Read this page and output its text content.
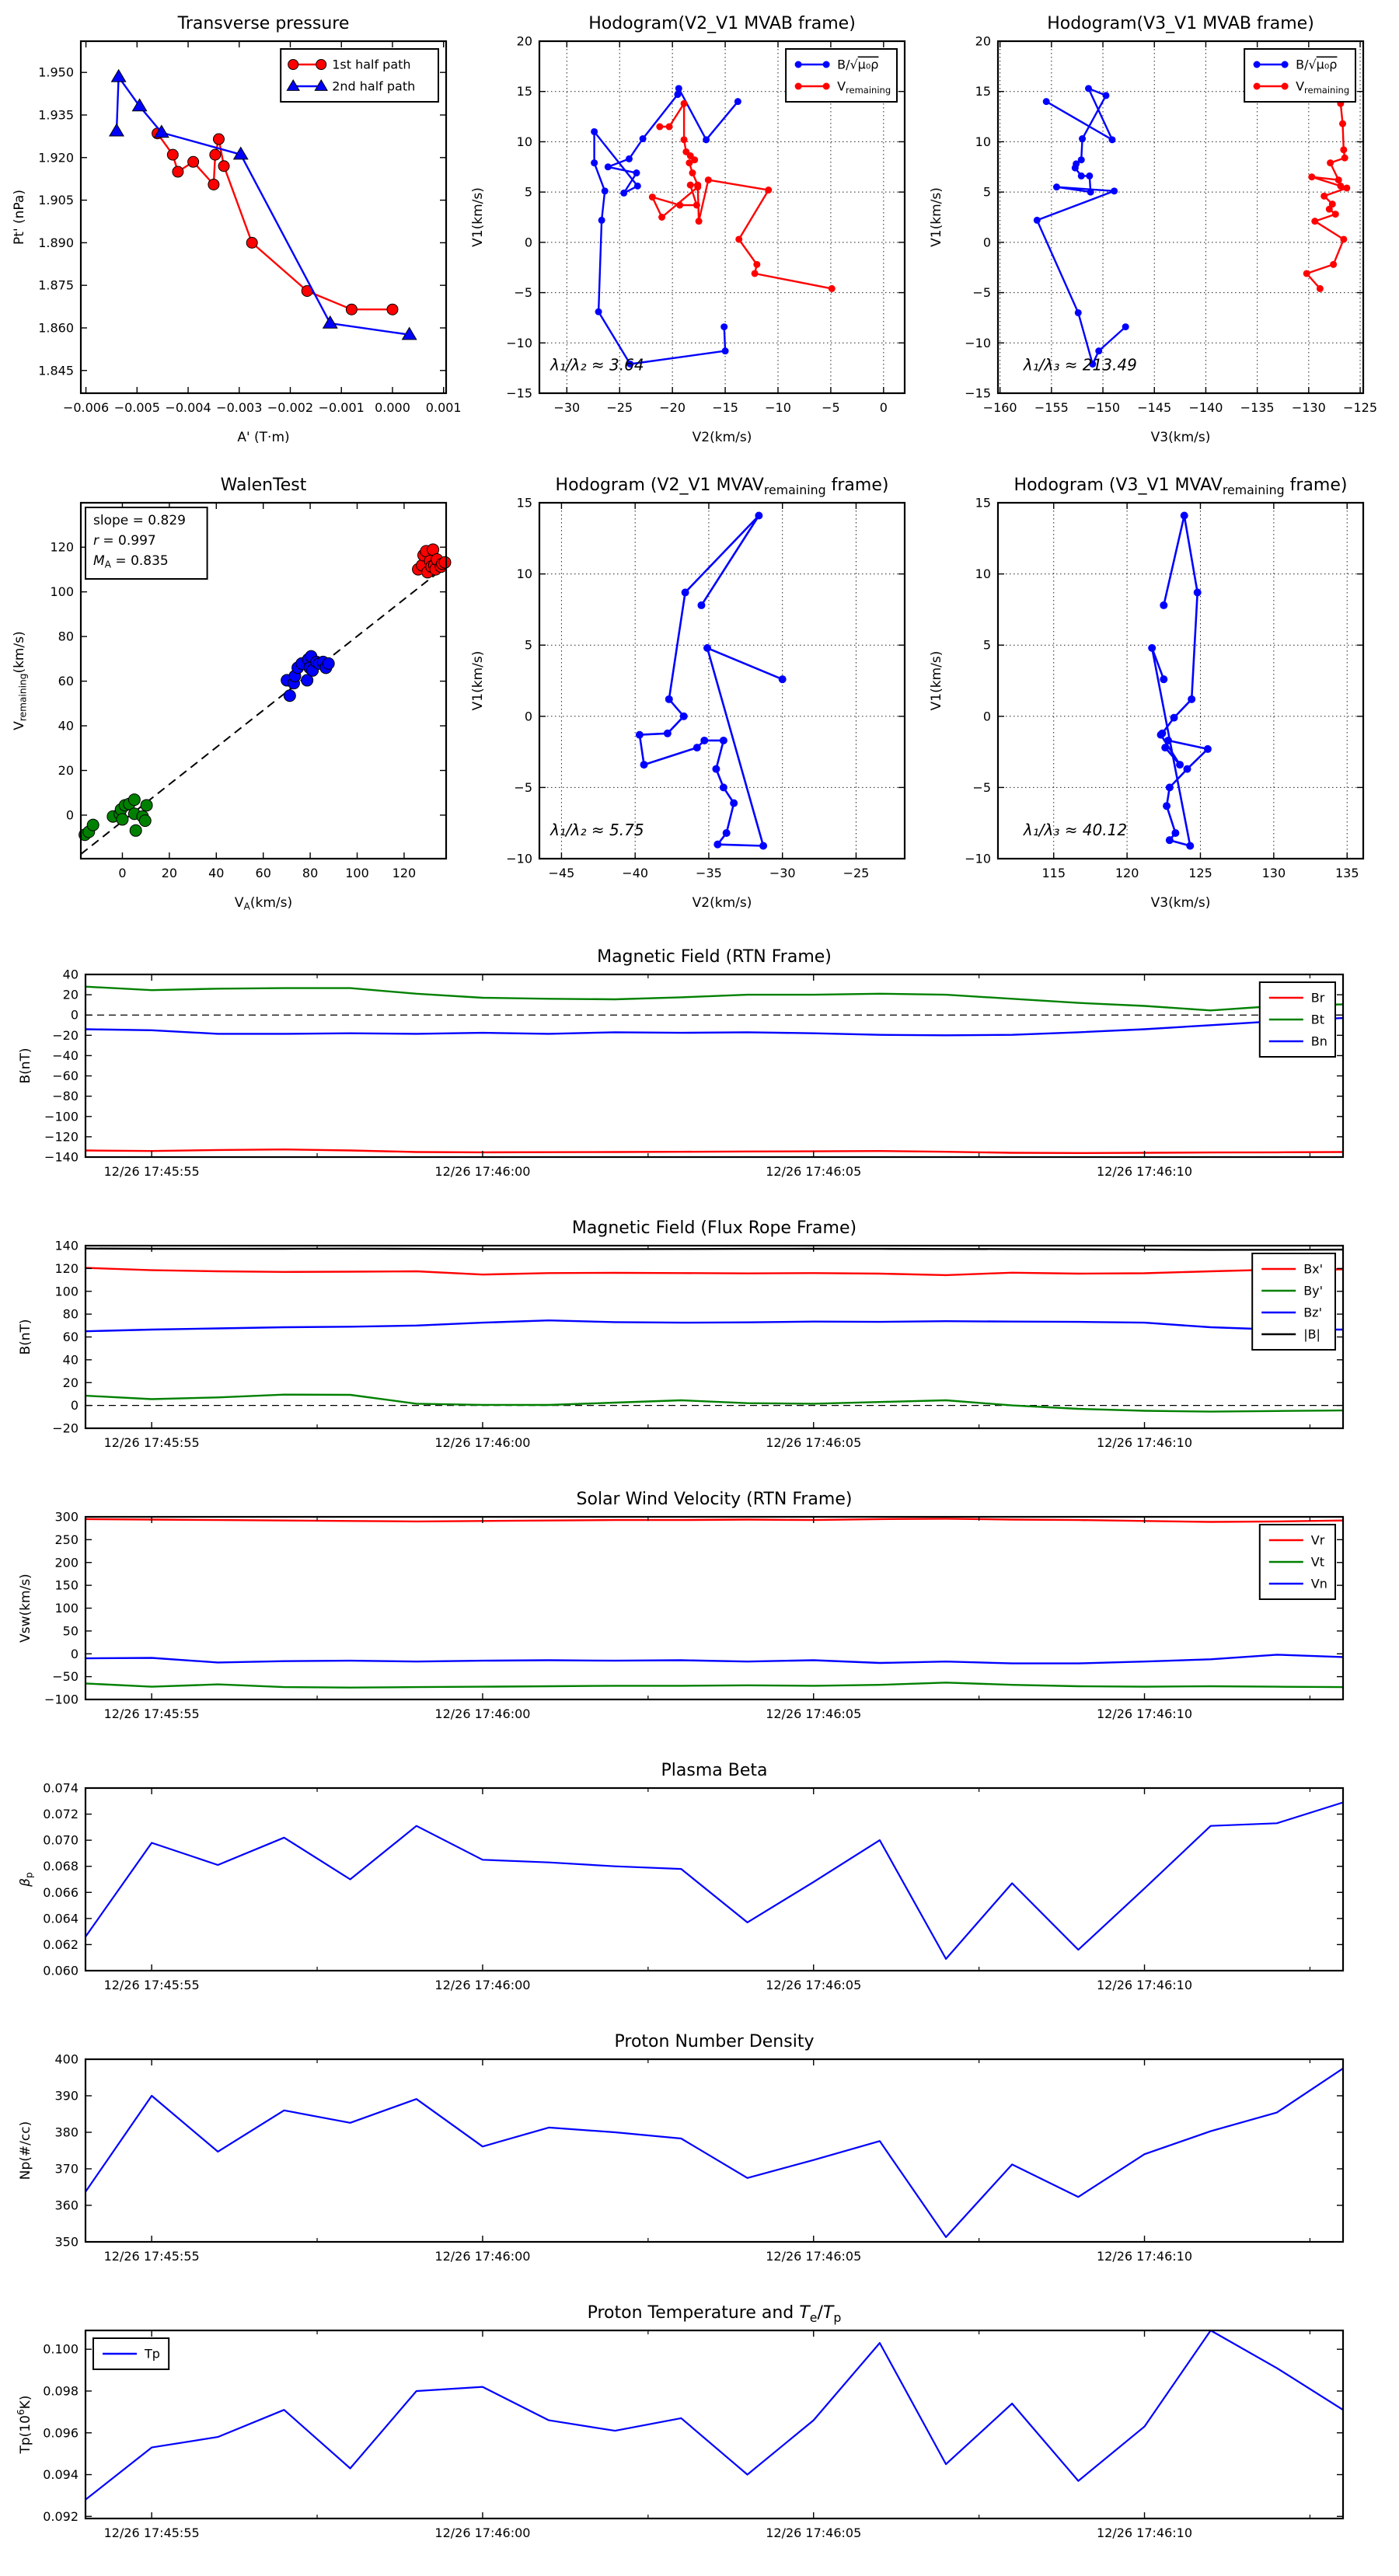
−0.006 −0.005 −0.004 −0.003 −0.002 −0.001 0.000 0.001
1.845
1.860
1.875
1.890
1.905
1.920
1.935
1.950
Transverse pressure
A' (T·m)
Pt' (nPa)
1st half path
2nd half path
−30 −25 −20 −15 −10 −5	0
−15
−10
−5
0
5
10
15
20
Hodogram(V2_V1 MVAB frame)
V2(km/s)
V1(km/s)
λ₁/λ₂ ≈ 3.64
B/√μ₀ρ
$V_{remaining}$
−160 −155 −150 −145 −140 −135 −130 −125
−15
−10
−5
0
5
10
15
20
Hodogram(V3_V1 MVAB frame)
V3(km/s)
V1(km/s)
λ₁/λ₃ ≈ 213.49
B/√μ₀ρ
$V_{remaining}$
0	20	40	60	80 100 120
0
20
40
60
80
100
120
WalenTest
$V_A(km/s)$
$V_{remaining}(km/s)$
slope = 0.829
r = 0.997
$M_A = 0.835$
−45	−40	−35	−30	−25
−10
−5
0
5
10
15
Hodogram (V2_V1 $MVAV_{remaining}$ frame)
V2(km/s)
V1(km/s)
λ₁/λ₂ ≈ 5.75
115	120	125	130	135
−10
−5
0
5
10
15
Hodogram (V3_V1 $MVAV_{remaining}$ frame)
V3(km/s)
V1(km/s)
λ₁/λ₃ ≈ 40.12
12/26 17:45:55	12/26 17:46:00	12/26 17:46:05	12/26 17:46:10
−140
−120
−100
−80
−60
−40
−20
0
20
40
Magnetic Field (RTN Frame)
B(nT)
Br
Bt
Bn
12/26 17:45:55	12/26 17:46:00	12/26 17:46:05	12/26 17:46:10
−20
0
20
40
60
80
100
120
140
Magnetic Field (Flux Rope Frame)
B(nT)
Bx'
By'
Bz'
|B|
12/26 17:45:55	12/26 17:46:00	12/26 17:46:05	12/26 17:46:10
−100
−50
0
50
100
150
200
250
300
Solar Wind Velocity (RTN Frame)
Vsw(km/s)
Vr
Vt
Vn
12/26 17:45:55	12/26 17:46:00	12/26 17:46:05	12/26 17:46:10
0.060
0.062
0.064
0.066
0.068
0.070
0.072
0.074
Plasma Beta
$\beta_p$
12/26 17:45:55	12/26 17:46:00	12/26 17:46:05	12/26 17:46:10
350
360
370
380
390
400
Proton Number Density
Np(#/cc)
12/26 17:45:55	12/26 17:46:00	12/26 17:46:05	12/26 17:46:10
0.092
0.094
0.096
0.098
0.100
Proton Temperature and $T_e/T_p$
$Tp(10^6K)$
Tp
